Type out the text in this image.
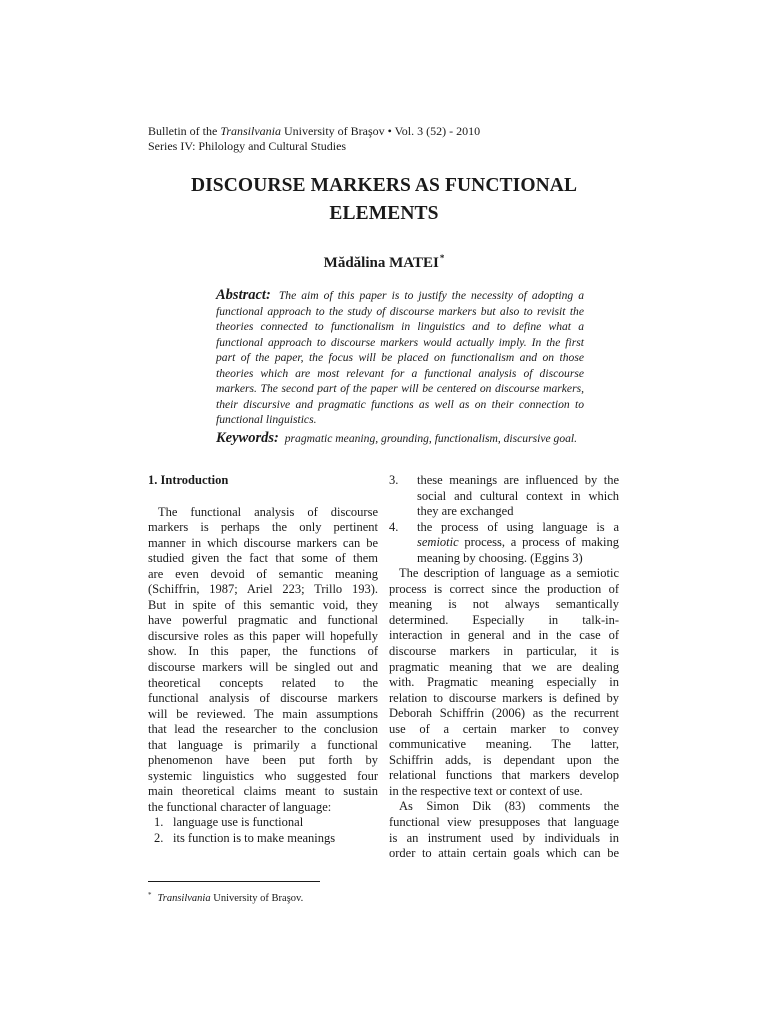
Bulletin of the Transilvania University of Braşov • Vol. 3 (52) - 2010
Series IV: Philology and Cultural Studies
DISCOURSE MARKERS AS FUNCTIONAL
ELEMENTS
Mădălina MATEI*
Abstract: The aim of this paper is to justify the necessity of adopting a functional approach to the study of discourse markers but also to revisit the theories connected to functionalism in linguistics and to define what a functional approach to discourse markers would actually imply. In the first part of the paper, the focus will be placed on functionalism and on those theories which are most relevant for a functional analysis of discourse markers. The second part of the paper will be centered on discourse markers, their discursive and pragmatic functions as well as on their connection to functional linguistics.
Keywords: pragmatic meaning, grounding, functionalism, discursive goal.
1. Introduction
The functional analysis of discourse
markers is perhaps the only pertinent
manner in which discourse markers can be
studied given the fact that some of them
are even devoid of semantic meaning
(Schiffrin, 1987; Ariel 223; Trillo 193).
But in spite of this semantic void, they
have powerful pragmatic and functional
discursive roles as this paper will hopefully
show. In this paper, the functions of
discourse markers will be singled out and
theoretical concepts related to the
functional analysis of discourse markers
will be reviewed. The main assumptions
that lead the researcher to the conclusion
that language is primarily a functional
phenomenon have been put forth by
systemic linguistics who suggested four
main theoretical claims meant to sustain
the functional character of language:
1. language use is functional
2. its function is to make meanings
3. these meanings are influenced by the
social and cultural context in which
they are exchanged
4. the process of using language is a
semiotic process, a process of making
meaning by choosing. (Eggins 3)
The description of language as a semiotic
process is correct since the production of
meaning is not always semantically
determined. Especially in talk-in-
interaction in general and in the case of
discourse markers in particular, it is
pragmatic meaning that we are dealing
with. Pragmatic meaning especially in
relation to discourse markers is defined by
Deborah Schiffrin (2006) as the recurrent
use of a certain marker to convey
communicative meaning. The latter,
Schiffrin adds, is dependant upon the
relational functions that markers develop
in the respective text or context of use.
As Simon Dik (83) comments the
functional view presupposes that language
is an instrument used by individuals in
order to attain certain goals which can be
* Transilvania University of Braşov.
